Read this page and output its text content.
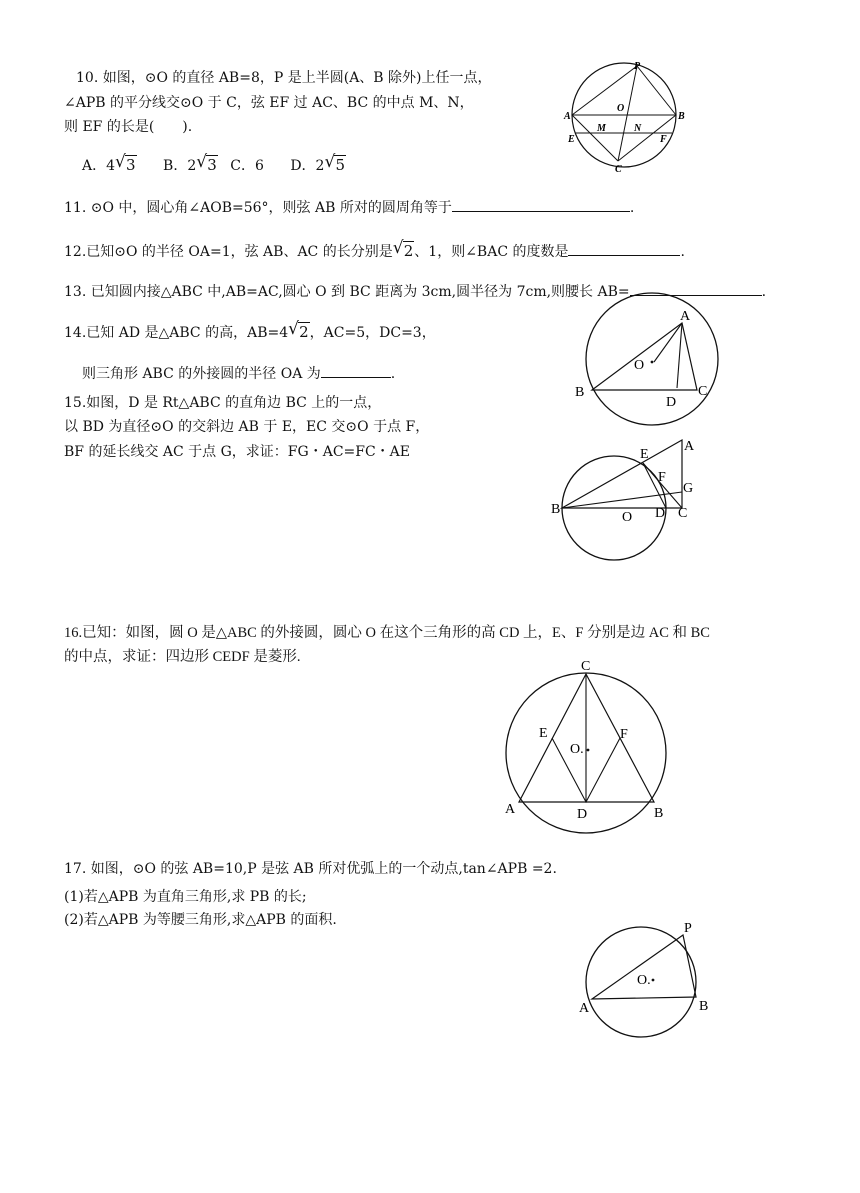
10. 如图，⊙O 的直径 AB=8，P 是上半圆(A、B 除外)上任一点，
∠APB 的平分线交⊙O 于 C，弦 EF 过 AC、BC 的中点 M、N，
则 EF 的长是(　　).
A．4 √ 3 B．2 √ 3 C．6 D．2 √ 5
P
A	B
O
E
M	N
F
C
11. ⊙O 中，圆心角∠AOB=56°，则弦 AB 所对的圆周角等于	.
12.已知⊙O 的半径 OA=1，弦 AB、AC 的长分别是 √ 2、1，则∠BAC 的度数是	.
13. 已知圆内接△ABC 中,AB=AC,圆心 O 到 BC 距离为 3cm,圆半径为 7cm,则腰长 AB=	.
14.已知 AD 是△ABC 的高，AB=4 √ 2，AC=5，DC=3，
则三角形 ABC 的外接圆的半径 OA 为	.
A
O
B
D
C
15.如图，D 是 Rt△ABC 的直角边 BC 上的一点，
以 BD 为直径⊙O 的交斜边 AB 于 E，EC 交⊙O 于点 F，
BF 的延长线交 AC 于点 G，求证：FG・AC=FC・AE	A
E
F
G
B
O D C
16.已知：如图，圆 O 是△ABC 的外接圆，圆心 O 在这个三角形的高 CD 上，E、F 分别是边 AC 和 BC
的中点，求证：四边形 CEDF 是菱形.
C
E
O.
F
A	D	B
17. 如图，⊙O 的弦 AB=10,P 是弦 AB 所对优弧上的一个动点,tan∠APB =2.
(1)若△APB 为直角三角形,求 PB 的长;
(2)若△APB 为等腰三角形,求△APB 的面积.
P
O.
A	B
